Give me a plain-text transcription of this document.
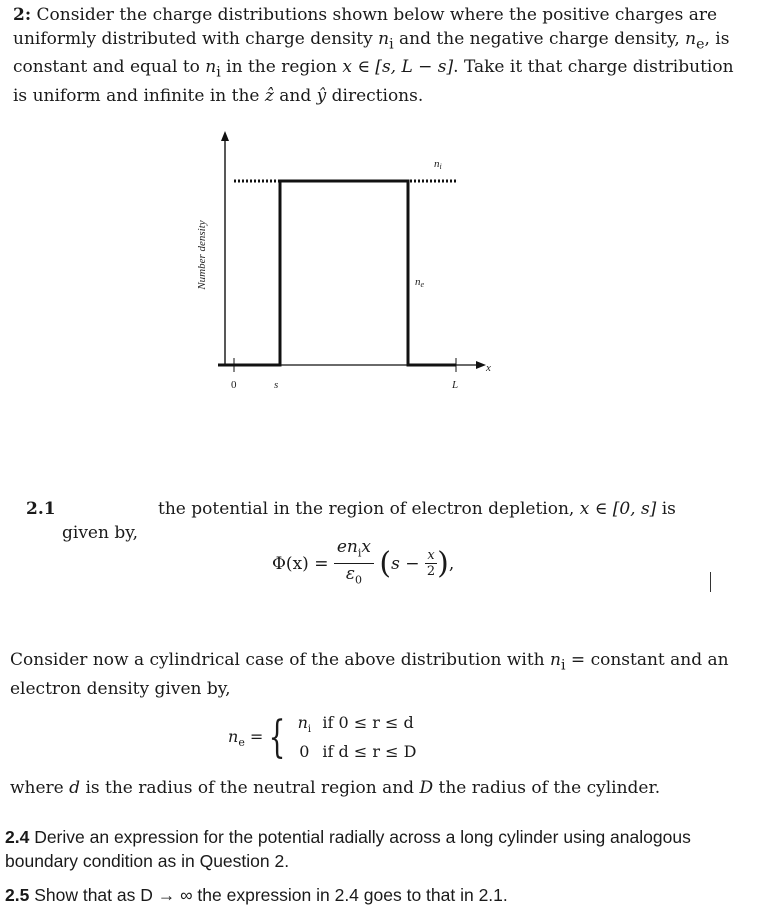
2: Consider the charge distributions shown below where the positive charges are uniformly distributed with charge density $n_i$ and the negative charge density, $n_e$, is constant and equal to $n_i$ in the region x ∈ [s, L − s]. Take it that charge distribution is uniform and infinite in the ẑ and ŷ directions.
Number density
x
0	s	L
ni
ne
2.1	the potential in the region of electron depletion, x ∈ [0, s] is
given by,
$\Phi(x) = \frac{en_ix}{\varepsilon_0} (s - \frac{x}{2}$ ),
Consider now a cylindrical case of the above distribution with $n_i$ = constant and an electron density given by,
$n_e$ = { $n_i$ if 0 ≤ r ≤ d
0 if d ≤ r ≤ D
where d is the radius of the neutral region and D the radius of the cylinder.
2.4 Derive an expression for the potential radially across a long cylinder using analogous boundary condition as in Question 2.
2.5 Show that as D → ∞ the expression in 2.4 goes to that in 2.1.
